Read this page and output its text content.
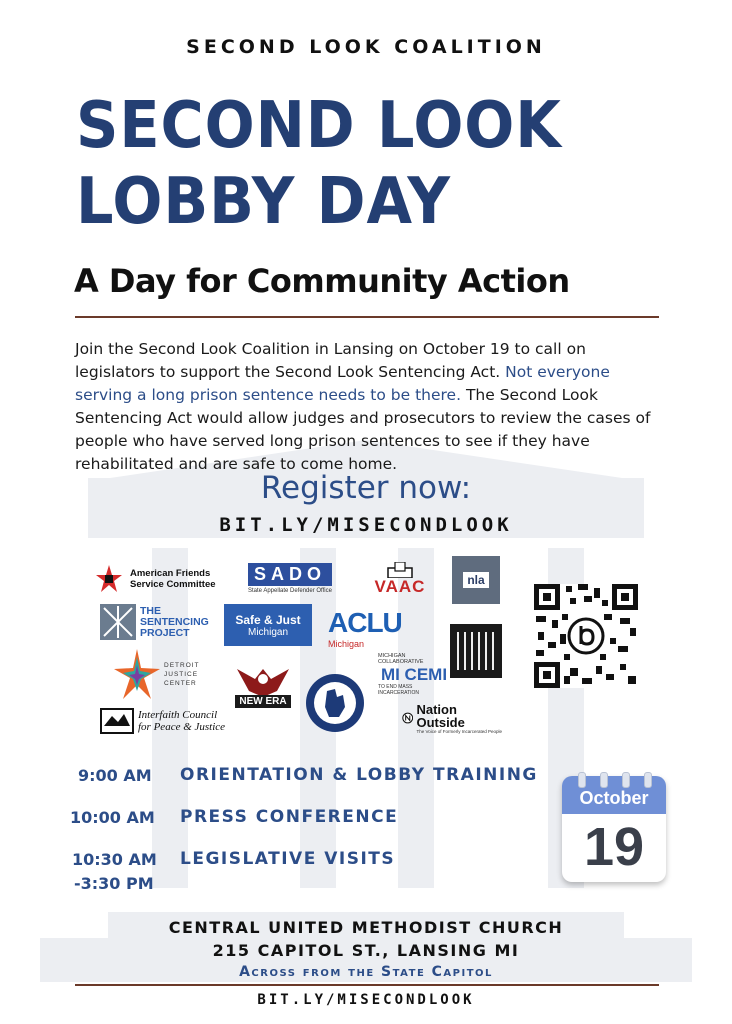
SECOND LOOK COALITION
SECOND LOOK
LOBBY DAY
A Day for Community Action
Join the Second Look Coalition in Lansing on October 19 to call on legislators to support the Second Look Sentencing Act. Not everyone serving a long prison sentence needs to be there. The Second Look Sentencing Act would allow judges and prosecutors to review the cases of people who have served long prison sentences to see if they have rehabilitated and are safe to come home.
Register now:
BIT.LY/MISECONDLOOK
American Friends
Service Committee
SADO
State Appellate Defender Office	VAAC	nla
THE
SENTENCING
PROJECT
Safe & Just
Michigan ACLU
Michigan
DETROIT
JUSTICE
CENTER
NEW ERA
MICHIGAN COLLABORATIVE
MI CEMI
TO END MASS INCARCERATION
Interfaith Council
for Peace & Justice
Nation
Outside
The Voice of Formerly Incarcerated People
9:00 AM ORIENTATION & LOBBY TRAINING
10:00 AM PRESS CONFERENCE
10:30 AM
-3:30 PM
LEGISLATIVE VISITS
October
19
CENTRAL UNITED METHODIST CHURCH
215 CAPITOL ST., LANSING MI
Across from the State Capitol
BIT.LY/MISECONDLOOK
